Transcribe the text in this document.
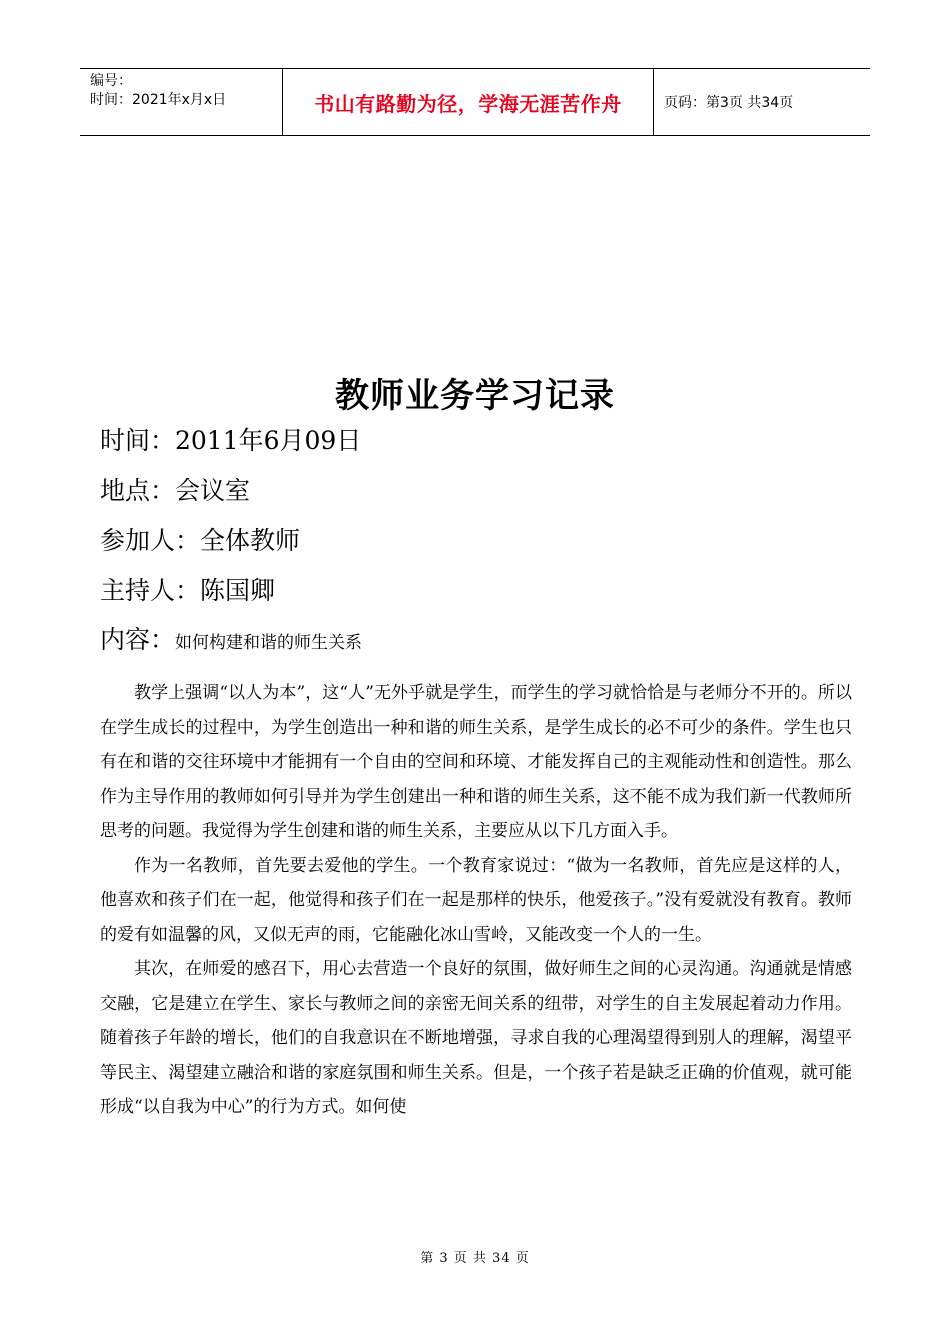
编号：
时间：2021年x月x日	书山有路勤为径，学海无涯苦作舟	页码：第3页 共34页
教师业务学习记录
时间：2011年6月09日
地点：会议室
参加人：全体教师
主持人：陈国卿
内容：如何构建和谐的师生关系

教学上强调“以人为本”，这“人”无外乎就是学生，而学生的学习就恰恰是与老师分不开的。所以在学生成长的过程中，为学生创造出一种和谐的师生关系，是学生成长的必不可少的条件。学生也只有在和谐的交往环境中才能拥有一个自由的空间和环境、才能发挥自己的主观能动性和创造性。那么作为主导作用的教师如何引导并为学生创建出一种和谐的师生关系，这不能不成为我们新一代教师所思考的问题。我觉得为学生创建和谐的师生关系，主要应从以下几方面入手。

作为一名教师，首先要去爱他的学生。一个教育家说过：“做为一名教师，首先应是这样的人，他喜欢和孩子们在一起，他觉得和孩子们在一起是那样的快乐，他爱孩子。”没有爱就没有教育。教师的爱有如温馨的风，又似无声的雨，它能融化冰山雪岭，又能改变一个人的一生。

其次，在师爱的感召下，用心去营造一个良好的氛围，做好师生之间的心灵沟通。沟通就是情感交融，它是建立在学生、家长与教师之间的亲密无间关系的纽带，对学生的自主发展起着动力作用。随着孩子年龄的增长，他们的自我意识在不断地增强，寻求自我的心理渴望得到别人的理解，渴望平等民主、渴望建立融洽和谐的家庭氛围和师生关系。但是，一个孩子若是缺乏正确的价值观，就可能形成“以自我为中心”的行为方式。如何使

第 3 页 共 34 页
